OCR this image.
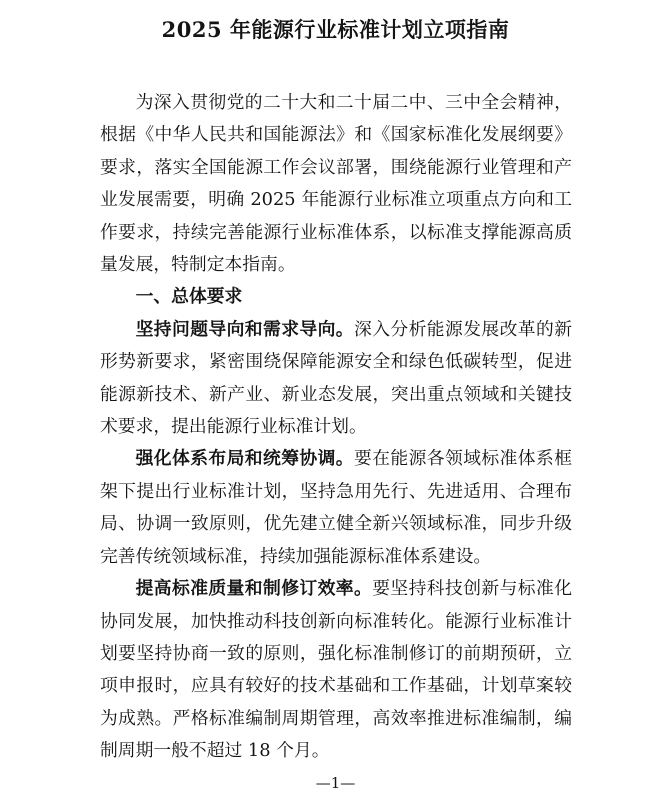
2025 年能源行业标准计划立项指南
为深入贯彻党的二十大和二十届二中、三中全会精神，
根据《中华人民共和国能源法》和《国家标准化发展纲要》
要求，落实全国能源工作会议部署，围绕能源行业管理和产
业发展需要，明确 2025 年能源行业标准立项重点方向和工
作要求，持续完善能源行业标准体系，以标准支撑能源高质
量发展，特制定本指南。
一、总体要求
坚持问题导向和需求导向。深入分析能源发展改革的新
形势新要求，紧密围绕保障能源安全和绿色低碳转型，促进
能源新技术、新产业、新业态发展，突出重点领域和关键技
术要求，提出能源行业标准计划。
强化体系布局和统筹协调。要在能源各领域标准体系框
架下提出行业标准计划，坚持急用先行、先进适用、合理布
局、协调一致原则，优先建立健全新兴领域标准，同步升级
完善传统领域标准，持续加强能源标准体系建设。
提高标准质量和制修订效率。要坚持科技创新与标准化
协同发展，加快推动科技创新向标准转化。能源行业标准计
划要坚持协商一致的原则，强化标准制修订的前期预研，立
项申报时，应具有较好的技术基础和工作基础，计划草案较
为成熟。严格标准编制周期管理，高效率推进标准编制，编
制周期一般不超过 18 个月。
—1—
